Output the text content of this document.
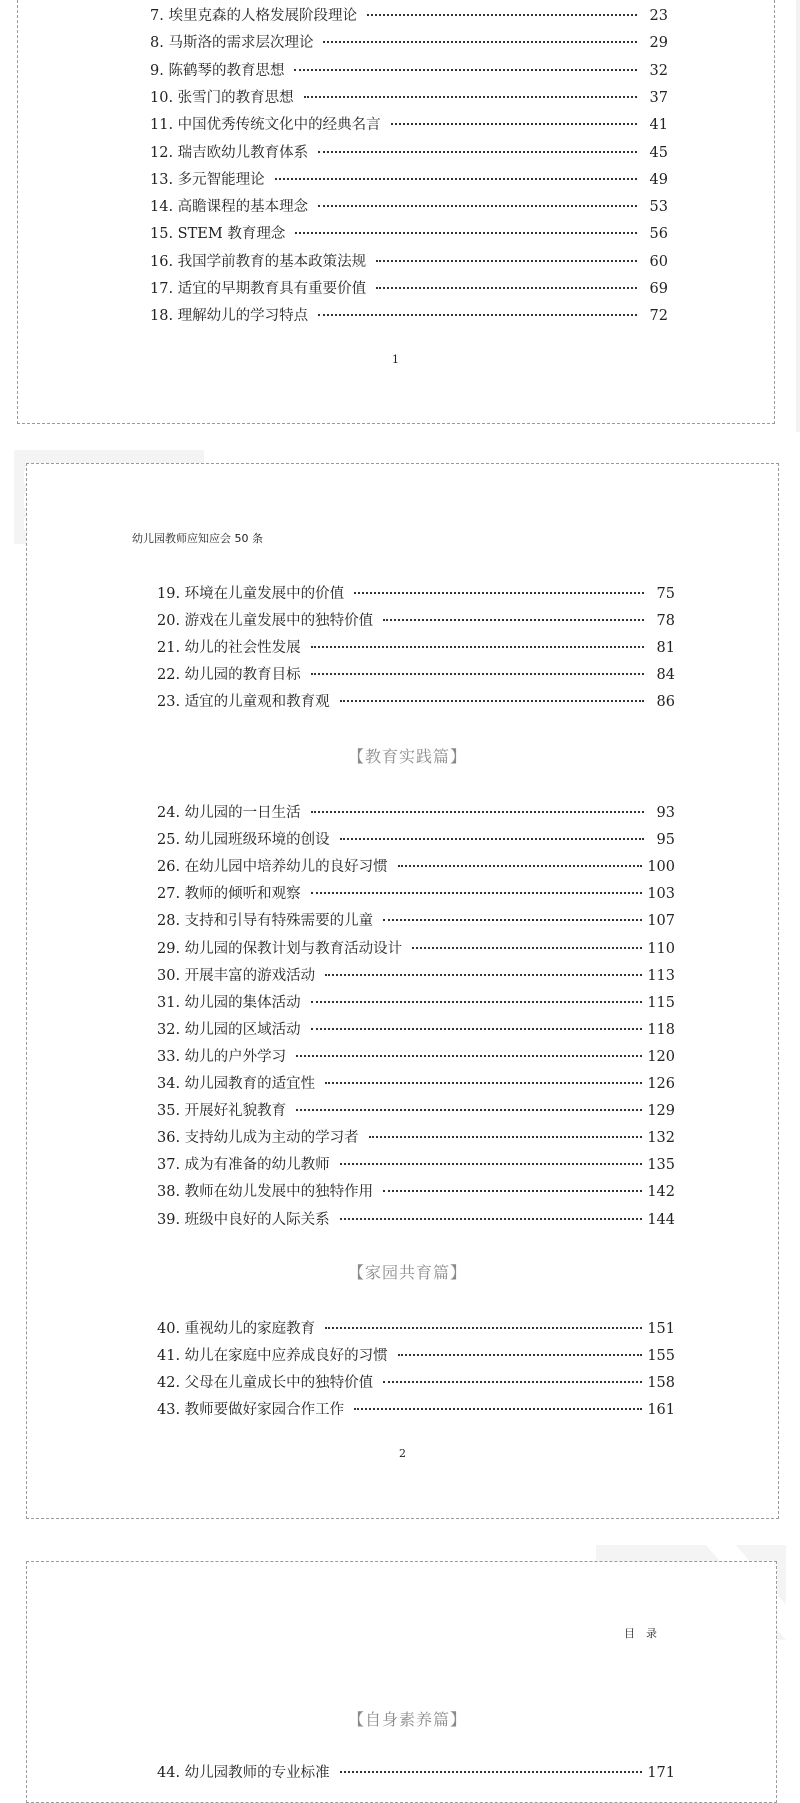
7. 埃里克森的人格发展阶段理论	23
8. 马斯洛的需求层次理论	29
9. 陈鹤琴的教育思想	32
10. 张雪门的教育思想	37
11. 中国优秀传统文化中的经典名言	41
12. 瑞吉欧幼儿教育体系	45
13. 多元智能理论	49
14. 高瞻课程的基本理念	53
15. STEM 教育理念	56
16. 我国学前教育的基本政策法规	60
17. 适宜的早期教育具有重要价值	69
18. 理解幼儿的学习特点	72
1
幼儿园教师应知应会 50 条
19. 环境在儿童发展中的价值	75
20. 游戏在儿童发展中的独特价值	78
21. 幼儿的社会性发展	81
22. 幼儿园的教育目标	84
23. 适宜的儿童观和教育观	86
【教育实践篇】
24. 幼儿园的一日生活	93
25. 幼儿园班级环境的创设	95
26. 在幼儿园中培养幼儿的良好习惯	100
27. 教师的倾听和观察	103
28. 支持和引导有特殊需要的儿童	107
29. 幼儿园的保教计划与教育活动设计	110
30. 开展丰富的游戏活动	113
31. 幼儿园的集体活动	115
32. 幼儿园的区域活动	118
33. 幼儿的户外学习	120
34. 幼儿园教育的适宜性	126
35. 开展好礼貌教育	129
36. 支持幼儿成为主动的学习者	132
37. 成为有准备的幼儿教师	135
38. 教师在幼儿发展中的独特作用	142
39. 班级中良好的人际关系	144
【家园共育篇】
40. 重视幼儿的家庭教育	151
41. 幼儿在家庭中应养成良好的习惯	155
42. 父母在儿童成长中的独特价值	158
43. 教师要做好家园合作工作	161
2
目　录
【自身素养篇】
44. 幼儿园教师的专业标准	171
